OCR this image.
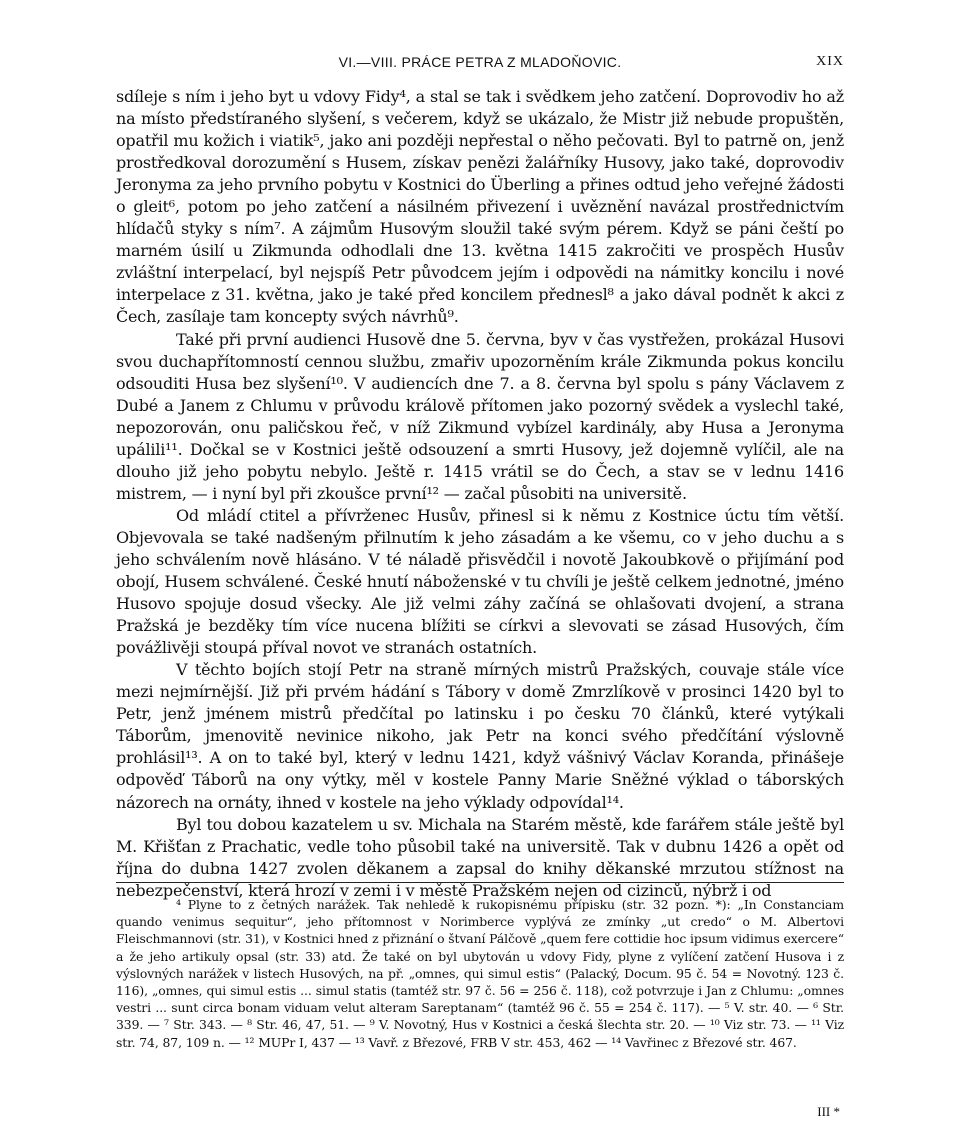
VI.—VIII. PRÁCE PETRA Z MLADOŇOVIC.	XIX

sdíleje s ním i jeho byt u vdovy Fidy⁴, a stal se tak i svědkem jeho zatčení. Doprovodiv ho až na místo předstíraného slyšení, s večerem, když se ukázalo, že Mistr již nebude propuštěn, opatřil mu kožich i viatik⁵, jako ani později nepřestal o něho pečovati. Byl to patrně on, jenž prostředkoval dorozumění s Husem, získav penězi žalářníky Husovy, jako také, doprovodiv Jeronyma za jeho prvního pobytu v Kostnici do Überling a přines odtud jeho veřejné žádosti o gleit⁶, potom po jeho zatčení a násilném přivezení i uvěznění navázal prostřednictvím hlídačů styky s ním⁷. A zájmům Husovým sloužil také svým pérem. Když se páni čeští po marném úsilí u Zikmunda odhodlali dne 13. května 1415 zakročiti ve prospěch Husův zvláštní interpelací, byl nejspíš Petr původcem jejím i odpovědi na námitky koncilu i nové interpelace z 31. května, jako je také před koncilem přednesl⁸ a jako dával podnět k akci z Čech, zasílaje tam koncepty svých návrhů⁹.

Také při první audienci Husově dne 5. června, byv v čas vystřežen, prokázal Husovi svou duchapřítomností cennou službu, zmařiv upozorněním krále Zikmunda pokus koncilu odsouditi Husa bez slyšení¹⁰. V audiencích dne 7. a 8. června byl spolu s pány Václavem z Dubé a Janem z Chlumu v průvodu králově přítomen jako pozorný svědek a vyslechl také, nepozorován, onu paličskou řeč, v níž Zikmund vybízel kardinály, aby Husa a Jeronyma upálili¹¹. Dočkal se v Kostnici ještě odsouzení a smrti Husovy, jež dojemně vylíčil, ale na dlouho již jeho pobytu nebylo. Ještě r. 1415 vrátil se do Čech, a stav se v lednu 1416 mistrem, — i nyní byl při zkoušce první¹² — začal působiti na universitě.

Od mládí ctitel a přívrženec Husův, přinesl si k němu z Kostnice úctu tím větší. Objevovala se také nadšeným přilnutím k jeho zásadám a ke všemu, co v jeho duchu a s jeho schválením nově hlásáno. V té náladě přisvědčil i novotě Jakoubkově o přijímání pod obojí, Husem schválené. České hnutí náboženské v tu chvíli je ještě celkem jednotné, jméno Husovo spojuje dosud všecky. Ale již velmi záhy začíná se ohlašovati dvojení, a strana Pražská je bezděky tím více nucena blížiti se církvi a slevovati se zásad Husových, čím povážlivěji stoupá příval novot ve stranách ostatních.

V těchto bojích stojí Petr na straně mírných mistrů Pražských, couvaje stále více mezi nejmírnější. Již při prvém hádání s Tábory v domě Zmrzlíkově v prosinci 1420 byl to Petr, jenž jménem mistrů předčítal po latinsku i po česku 70 článků, které vytýkali Táborům, jmenovitě nevinice nikoho, jak Petr na konci svého předčítání výslovně prohlásil¹³. A on to také byl, který v lednu 1421, když vášnivý Václav Koranda, přinášeje odpověď Táborů na ony výtky, měl v kostele Panny Marie Sněžné výklad o táborských názorech na ornáty, ihned v kostele na jeho výklady odpovídal¹⁴.

Byl tou dobou kazatelem u sv. Michala na Starém městě, kde farářem stále ještě byl M. Křišťan z Prachatic, vedle toho působil také na universitě. Tak v dubnu 1426 a opět od října do dubna 1427 zvolen děkanem a zapsal do knihy děkanské mrzutou stížnost na nebezpečenství, která hrozí v zemi i v městě Pražském nejen od cizinců, nýbrž i od

⁴ Plyne to z četných narážek. Tak nehledě k rukopisnému přípisku (str. 32 pozn. *): „In Constanciam quando venimus sequitur“, jeho přítomnost v Norimberce vyplývá ze zmínky „ut credo“ o M. Albertovi Fleischmannovi (str. 31), v Kostnici hned z přiznání o štvaní Pálčově „quem fere cottidie hoc ipsum vidimus exercere“ a že jeho artikuly opsal (str. 33) atd. Že také on byl ubytován u vdovy Fidy, plyne z vylíčení zatčení Husova i z výslovných narážek v listech Husových, na př. „omnes, qui simul estis“ (Palacký, Docum. 95 č. 54 = Novotný. 123 č. 116), „omnes, qui simul estis ... simul statis (tamtéž str. 97 č. 56 = 256 č. 118), což potvrzuje i Jan z Chlumu: „omnes vestri ... sunt circa bonam viduam velut alteram Sareptanam“ (tamtéž 96 č. 55 = 254 č. 117). — ⁵ V. str. 40. — ⁶ Str. 339. — ⁷ Str. 343. — ⁸ Str. 46, 47, 51. — ⁹ V. Novotný, Hus v Kostnici a česká šlechta str. 20. — ¹⁰ Viz str. 73. — ¹¹ Viz str. 74, 87, 109 n. — ¹² MUPr I, 437 — ¹³ Vavř. z Březové, FRB V str. 453, 462 — ¹⁴ Vavřinec z Březové str. 467.

III *
